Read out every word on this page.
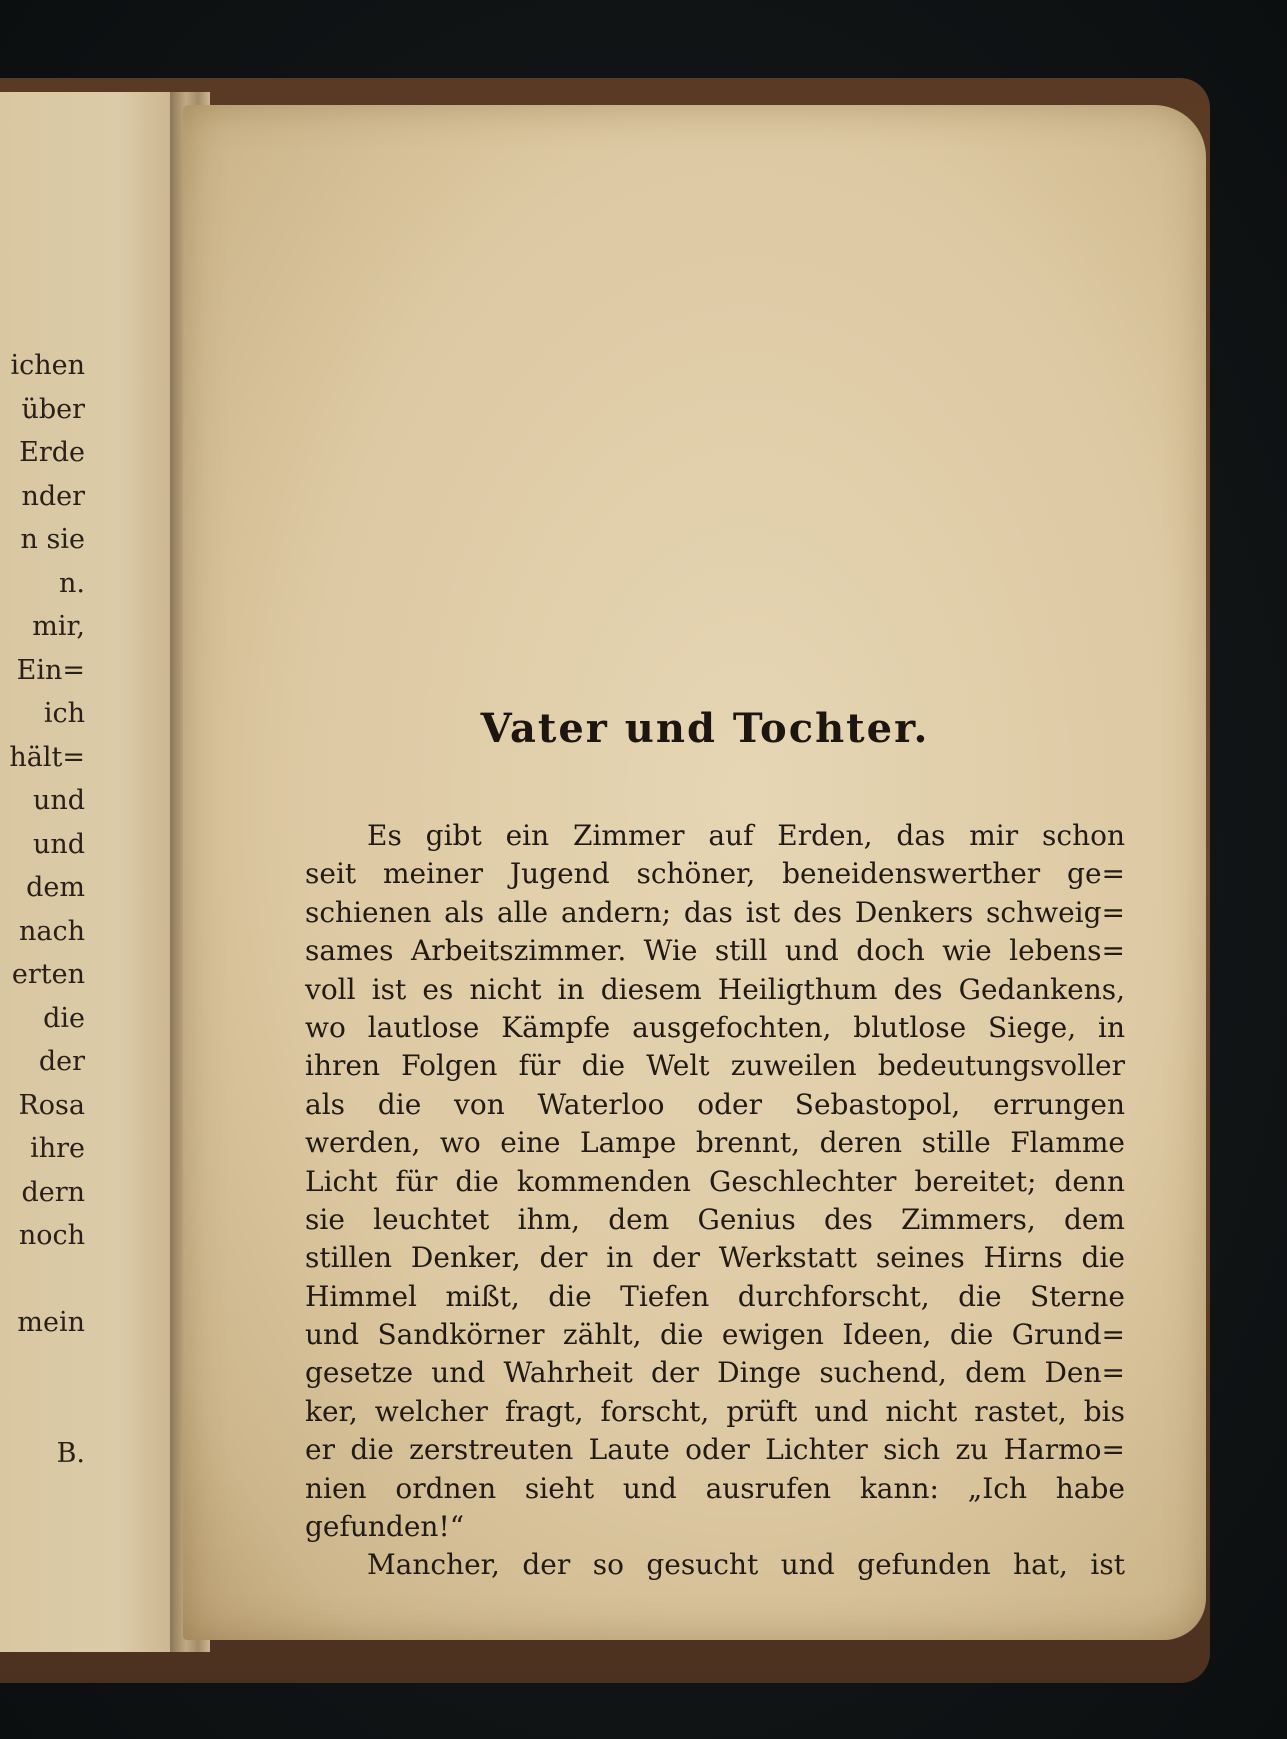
ichen
über
Erde
nder
n sie
n.
mir,
Ein=
ich
hält=
und
und
dem
nach
erten
die
der
Rosa
ihre
dern
noch
mein
B.
Vater und Tochter.
Es gibt ein Zimmer auf Erden, das mir schon
seit meiner Jugend schöner, beneidenswerther ge=
schienen als alle andern; das ist des Denkers schweig=
sames Arbeitszimmer. Wie still und doch wie lebens=
voll ist es nicht in diesem Heiligthum des Gedankens,
wo lautlose Kämpfe ausgefochten, blutlose Siege, in
ihren Folgen für die Welt zuweilen bedeutungsvoller
als die von Waterloo oder Sebastopol, errungen
werden, wo eine Lampe brennt, deren stille Flamme
Licht für die kommenden Geschlechter bereitet; denn
sie leuchtet ihm, dem Genius des Zimmers, dem
stillen Denker, der in der Werkstatt seines Hirns die
Himmel mißt, die Tiefen durchforscht, die Sterne
und Sandkörner zählt, die ewigen Ideen, die Grund=
gesetze und Wahrheit der Dinge suchend, dem Den=
ker, welcher fragt, forscht, prüft und nicht rastet, bis
er die zerstreuten Laute oder Lichter sich zu Harmo=
nien ordnen sieht und ausrufen kann: „Ich habe
gefunden!“
Mancher, der so gesucht und gefunden hat, ist
